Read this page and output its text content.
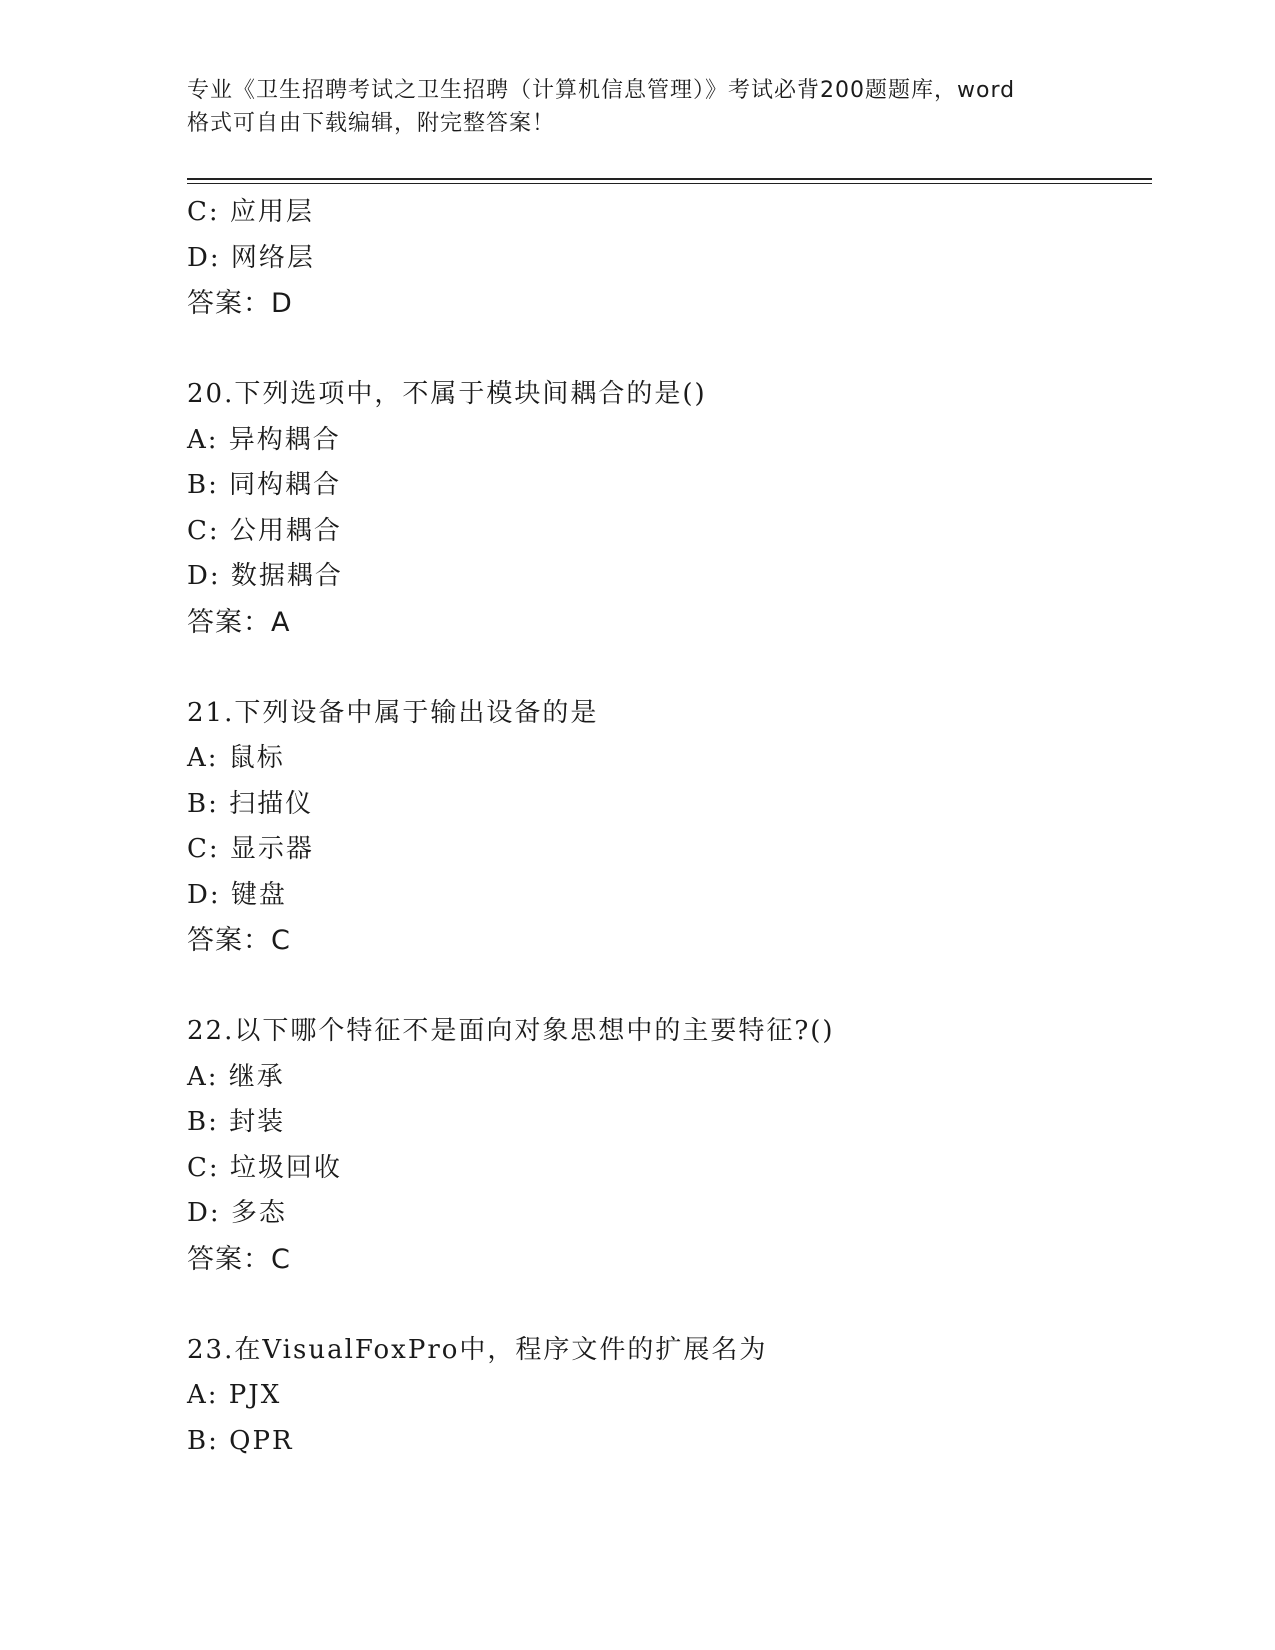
专业《卫生招聘考试之卫生招聘（计算机信息管理）》考试必背200题题库，word

格式可自由下载编辑，附完整答案！

C: 应用层
D: 网络层
答案：D
20.下列选项中，不属于模块间耦合的是()
A: 异构耦合
B: 同构耦合
C: 公用耦合
D: 数据耦合
答案：A
21.下列设备中属于输出设备的是
A: 鼠标
B: 扫描仪
C: 显示器
D: 键盘
答案：C
22.以下哪个特征不是面向对象思想中的主要特征?()
A: 继承
B: 封装
C: 垃圾回收
D: 多态
答案：C
23.在VisualFoxPro中，程序文件的扩展名为
A: PJX
B: QPR
